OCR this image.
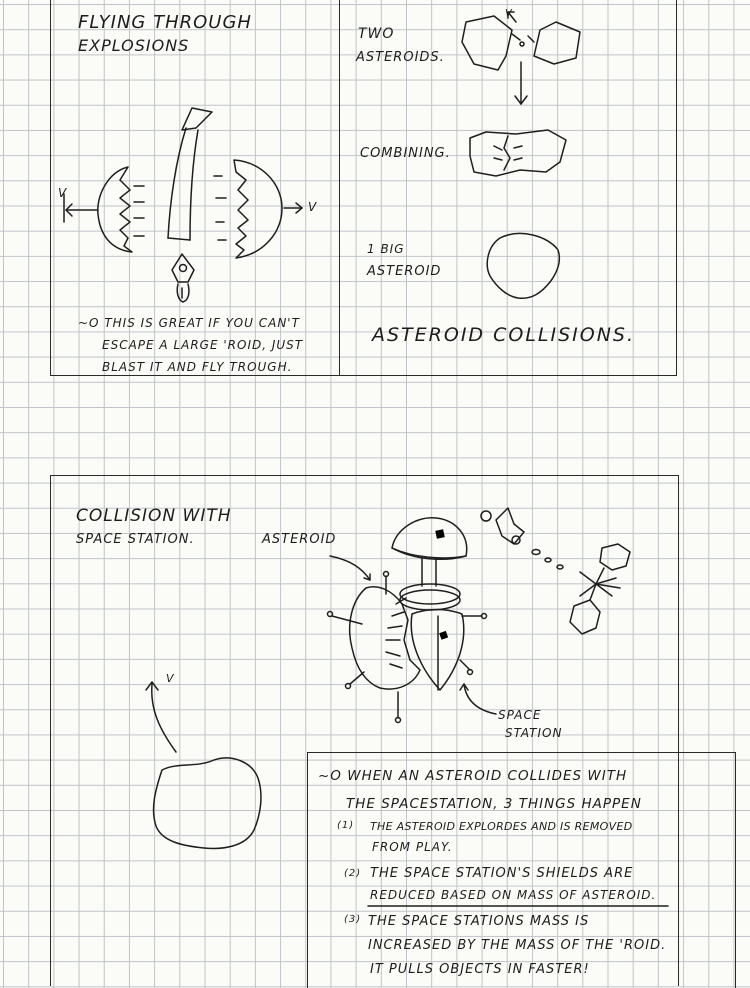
FLYING THROUGH
EXPLOSIONS
V
V
~O THIS IS GREAT IF YOU CAN'T
ESCAPE A LARGE 'ROID, JUST
BLAST IT AND FLY TROUGH.
TWO
ASTEROIDS.
V
COMBINING.
1 BIG
ASTEROID
ASTEROID COLLISIONS.
COLLISION WITH
SPACE STATION.	ASTEROID
SPACE
STATION
V
~O WHEN AN ASTEROID COLLIDES WITH
THE SPACESTATION, 3 THINGS HAPPEN
(1) THE ASTEROID EXPLORDES AND IS REMOVED
FROM PLAY.
(2) THE SPACE STATION'S SHIELDS ARE
REDUCED BASED ON MASS OF ASTEROID.
(3) THE SPACE STATIONS MASS IS
INCREASED BY THE MASS OF THE 'ROID.
IT PULLS OBJECTS IN FASTER!
